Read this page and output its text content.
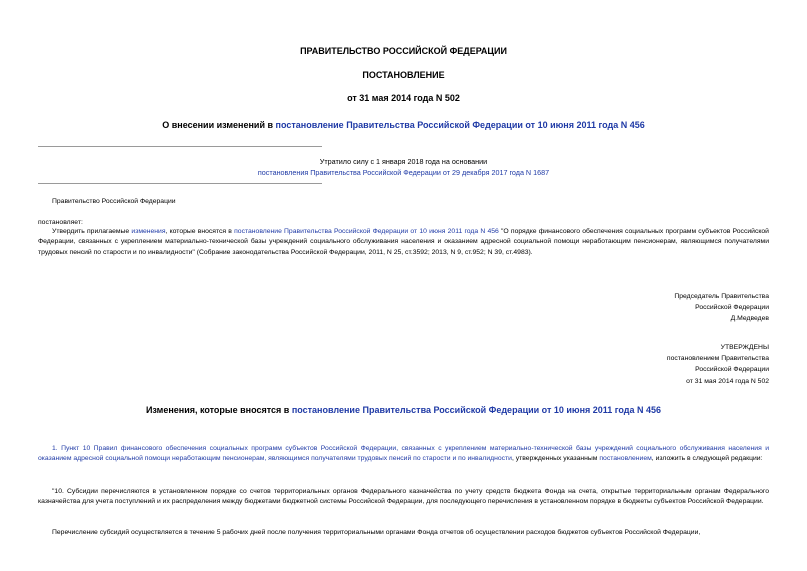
ПРАВИТЕЛЬСТВО РОССИЙСКОЙ ФЕДЕРАЦИИ
ПОСТАНОВЛЕНИЕ
от 31 мая 2014 года N 502
О внесении изменений в постановление Правительства Российской Федерации от 10 июня 2011 года N 456
Утратило силу с 1 января 2018 года на основании
постановления Правительства Российской Федерации от 29 декабря 2017 года N 1687
Правительство Российской Федерации
постановляет:
Утвердить прилагаемые изменения, которые вносятся в постановление Правительства Российской Федерации от 10 июня 2011 года N 456 "О порядке финансового обеспечения социальных программ субъектов Российской Федерации, связанных с укреплением материально-технической базы учреждений социального обслуживания населения и оказанием адресной социальной помощи неработающим пенсионерам, являющимся получателями трудовых пенсий по старости и по инвалидности" (Собрание законодательства Российской Федерации, 2011, N 25, ст.3592; 2013, N 9, ст.952; N 39, ст.4983).
Председатель Правительства
Российской Федерации
Д.Медведев
УТВЕРЖДЕНЫ
постановлением Правительства
Российской Федерации
от 31 мая 2014 года N 502
Изменения, которые вносятся в постановление Правительства Российской Федерации от 10 июня 2011 года N 456
1. Пункт 10 Правил финансового обеспечения социальных программ субъектов Российской Федерации, связанных с укреплением материально-технической базы учреждений социального обслуживания населения и оказанием адресной социальной помощи неработающим пенсионерам, являющимся получателями трудовых пенсий по старости и по инвалидности, утвержденных указанным постановлением, изложить в следующей редакции:
"10. Субсидии перечисляются в установленном порядке со счетов территориальных органов Федерального казначейства по учету средств бюджета Фонда на счета, открытые территориальным органам Федерального казначейства для учета поступлений и их распределения между бюджетами бюджетной системы Российской Федерации, для последующего перечисления в установленном порядке в бюджеты субъектов Российской Федерации.
Перечисление субсидий осуществляется в течение 5 рабочих дней после получения территориальными органами Фонда отчетов об осуществлении расходов бюджетов субъектов Российской Федерации,
